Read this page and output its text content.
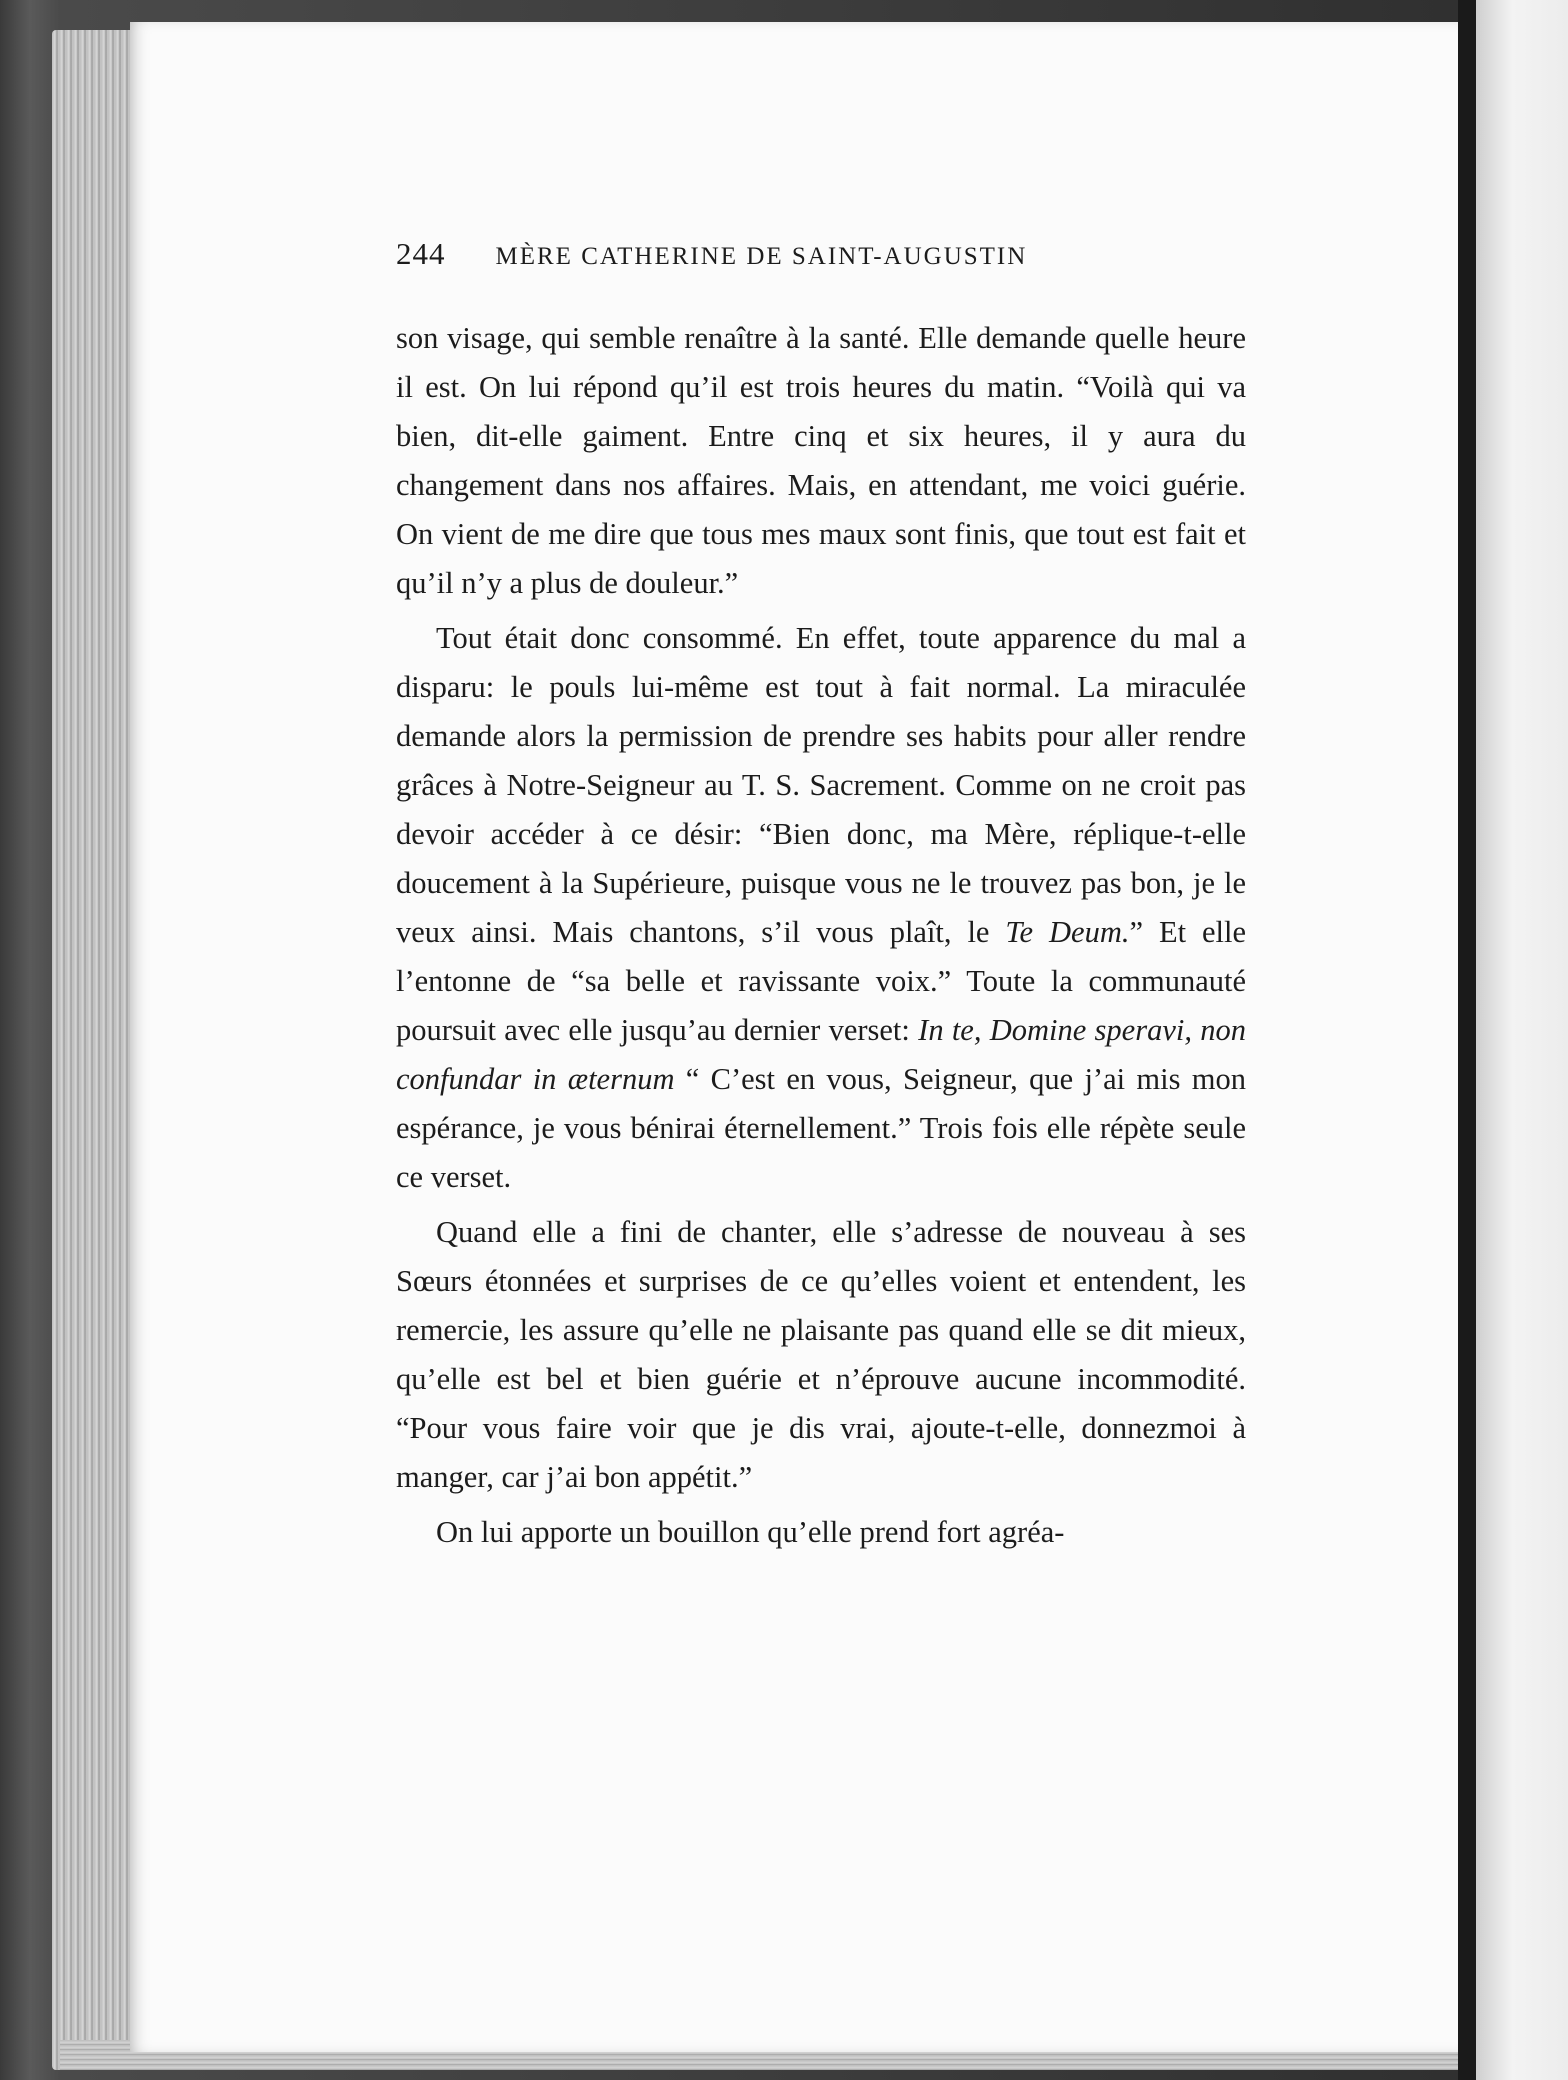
244 MÈRE CATHERINE DE SAINT-AUGUSTIN

son visage, qui semble renaître à la santé. Elle demande quelle heure il est. On lui répond qu’il est trois heures du matin. “Voilà qui va bien, dit-elle gaiment. Entre cinq et six heures, il y aura du changement dans nos affaires. Mais, en attendant, me voici guérie. On vient de me dire que tous mes maux sont finis, que tout est fait et qu’il n’y a plus de douleur.”

Tout était donc consommé. En effet, toute apparence du mal a disparu: le pouls lui-même est tout à fait normal. La miraculée demande alors la permission de prendre ses habits pour aller rendre grâces à Notre-Seigneur au T. S. Sacrement. Comme on ne croit pas devoir accéder à ce désir: “Bien donc, ma Mère, réplique-t-elle doucement à la Supérieure, puisque vous ne le trouvez pas bon, je le veux ainsi. Mais chantons, s’il vous plaît, le Te Deum.” Et elle l’entonne de “sa belle et ravissante voix.” Toute la communauté poursuit avec elle jusqu’au dernier verset: In te, Domine speravi, non confundar in æternum “ C’est en vous, Seigneur, que j’ai mis mon espérance, je vous bénirai éternellement.” Trois fois elle répète seule ce verset.

Quand elle a fini de chanter, elle s’adresse de nouveau à ses Sœurs étonnées et surprises de ce qu’elles voient et entendent, les remercie, les assure qu’elle ne plaisante pas quand elle se dit mieux, qu’elle est bel et bien guérie et n’éprouve aucune incommodité. “Pour vous faire voir que je dis vrai, ajoute-t-elle, donnezmoi à manger, car j’ai bon appétit.”

On lui apporte un bouillon qu’elle prend fort agréa-
